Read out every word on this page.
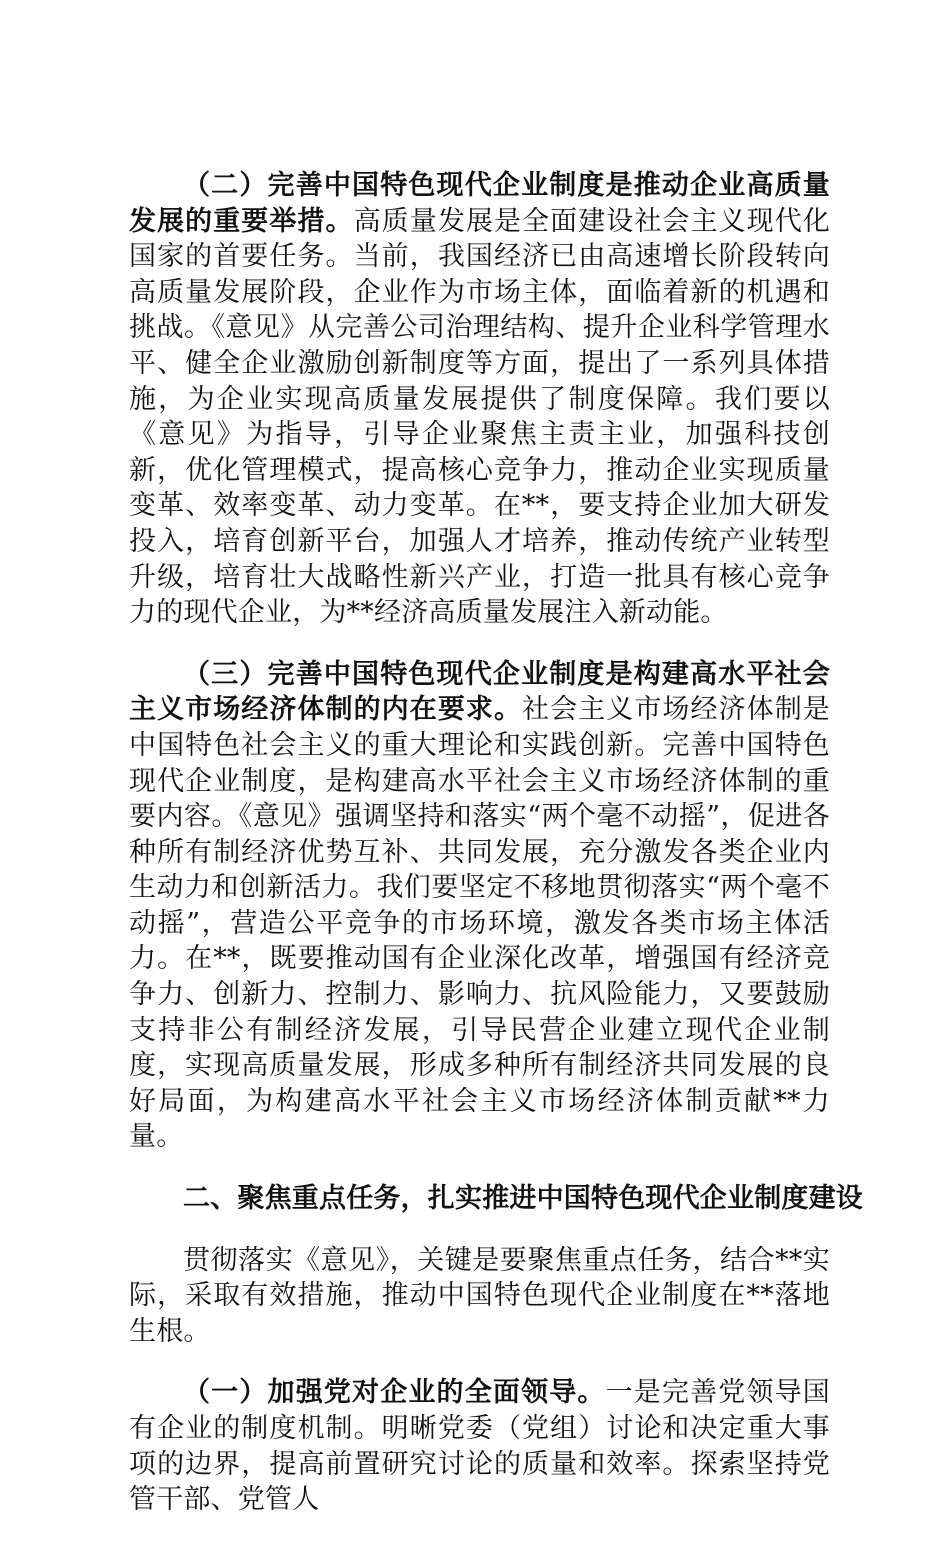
（二）完善中国特色现代企业制度是推动企业高质量发展的重要举措。高质量发展是全面建设社会主义现代化国家的首要任务。当前，我国经济已由高速增长阶段转向高质量发展阶段，企业作为市场主体，面临着新的机遇和挑战。《意见》从完善公司治理结构、提升企业科学管理水平、健全企业激励创新制度等方面，提出了一系列具体措施，为企业实现高质量发展提供了制度保障。我们要以《意见》为指导，引导企业聚焦主责主业，加强科技创新，优化管理模式，提高核心竞争力，推动企业实现质量变革、效率变革、动力变革。在**，要支持企业加大研发投入，培育创新平台，加强人才培养，推动传统产业转型升级，培育壮大战略性新兴产业，打造一批具有核心竞争力的现代企业，为**经济高质量发展注入新动能。

（三）完善中国特色现代企业制度是构建高水平社会主义市场经济体制的内在要求。社会主义市场经济体制是中国特色社会主义的重大理论和实践创新。完善中国特色现代企业制度，是构建高水平社会主义市场经济体制的重要内容。《意见》强调坚持和落实“两个毫不动摇”，促进各种所有制经济优势互补、共同发展，充分激发各类企业内生动力和创新活力。我们要坚定不移地贯彻落实“两个毫不动摇”，营造公平竞争的市场环境，激发各类市场主体活力。在**，既要推动国有企业深化改革，增强国有经济竞争力、创新力、控制力、影响力、抗风险能力，又要鼓励支持非公有制经济发展，引导民营企业建立现代企业制度，实现高质量发展，形成多种所有制经济共同发展的良好局面，为构建高水平社会主义市场经济体制贡献**力量。

二、聚焦重点任务，扎实推进中国特色现代企业制度建设

贯彻落实《意见》，关键是要聚焦重点任务，结合**实际，采取有效措施，推动中国特色现代企业制度在**落地生根。

（一）加强党对企业的全面领导。一是完善党领导国有企业的制度机制。明晰党委（党组）讨论和决定重大事项的边界，提高前置研究讨论的质量和效率。探索坚持党管干部、党管人
